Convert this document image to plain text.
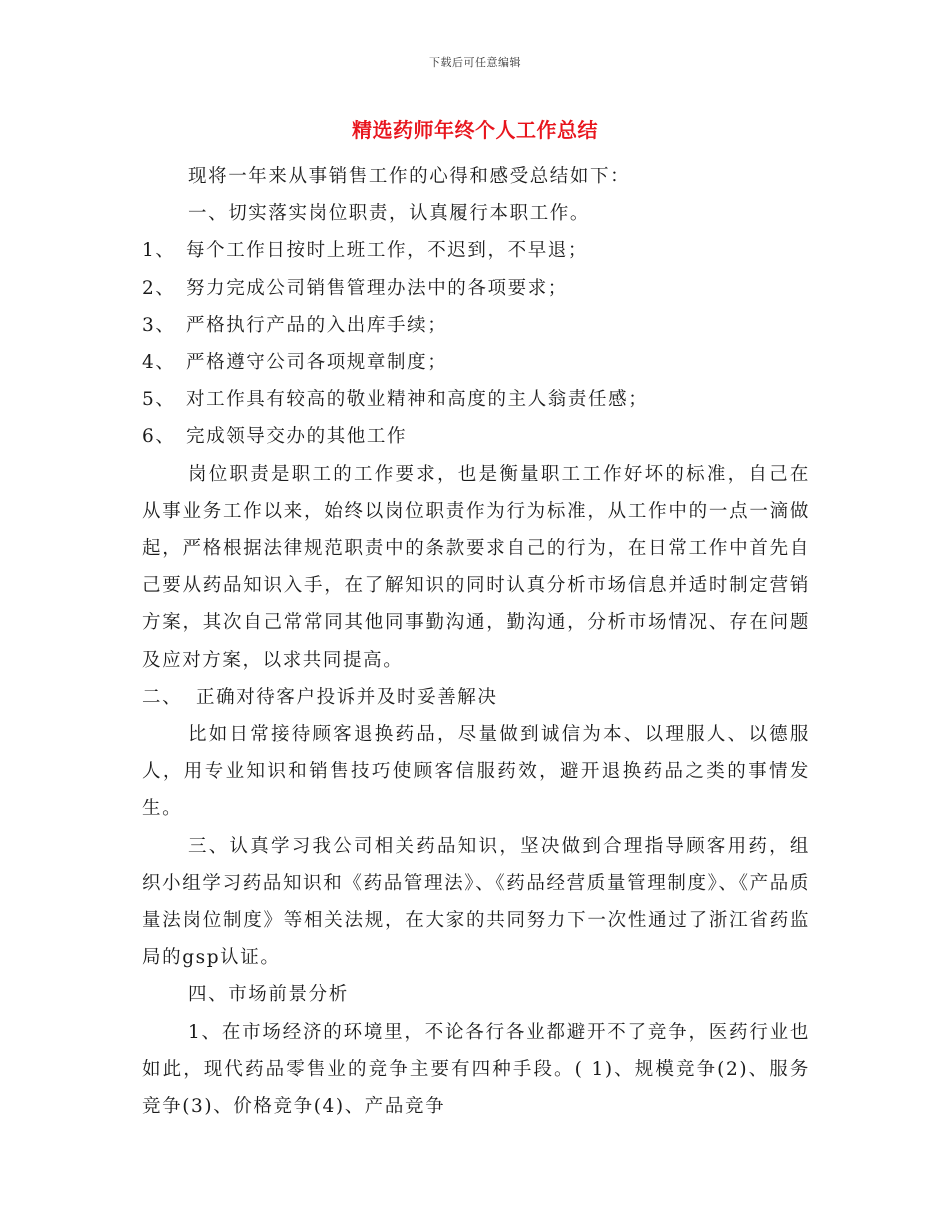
下载后可任意编辑
精选药师年终个人工作总结

现将一年来从事销售工作的心得和感受总结如下：

一、切实落实岗位职责，认真履行本职工作。

1、 每个工作日按时上班工作，不迟到，不早退；

2、 努力完成公司销售管理办法中的各项要求；

3、 严格执行产品的入出库手续；

4、 严格遵守公司各项规章制度；

5、 对工作具有较高的敬业精神和高度的主人翁责任感；

6、 完成领导交办的其他工作

岗位职责是职工的工作要求，也是衡量职工工作好坏的标准，自己在从事业务工作以来，始终以岗位职责作为行为标准，从工作中的一点一滴做起，严格根据法律规范职责中的条款要求自己的行为，在日常工作中首先自己要从药品知识入手，在了解知识的同时认真分析市场信息并适时制定营销方案，其次自己常常同其他同事勤沟通，勤沟通，分析市场情况、存在问题及应对方案，以求共同提高。

二、 正确对待客户投诉并及时妥善解决

比如日常接待顾客退换药品，尽量做到诚信为本、以理服人、以德服人，用专业知识和销售技巧使顾客信服药效，避开退换药品之类的事情发生。

三、认真学习我公司相关药品知识，坚决做到合理指导顾客用药，组织小组学习药品知识和《药品管理法》、《药品经营质量管理制度》、《产品质量法岗位制度》等相关法规，在大家的共同努力下一次性通过了浙江省药监局的gsp认证。

四、市场前景分析

1、在市场经济的环境里，不论各行各业都避开不了竞争，医药行业也如此，现代药品零售业的竞争主要有四种手段。( 1)、规模竞争(2)、服务竞争(3)、价格竞争(4)、产品竞争
